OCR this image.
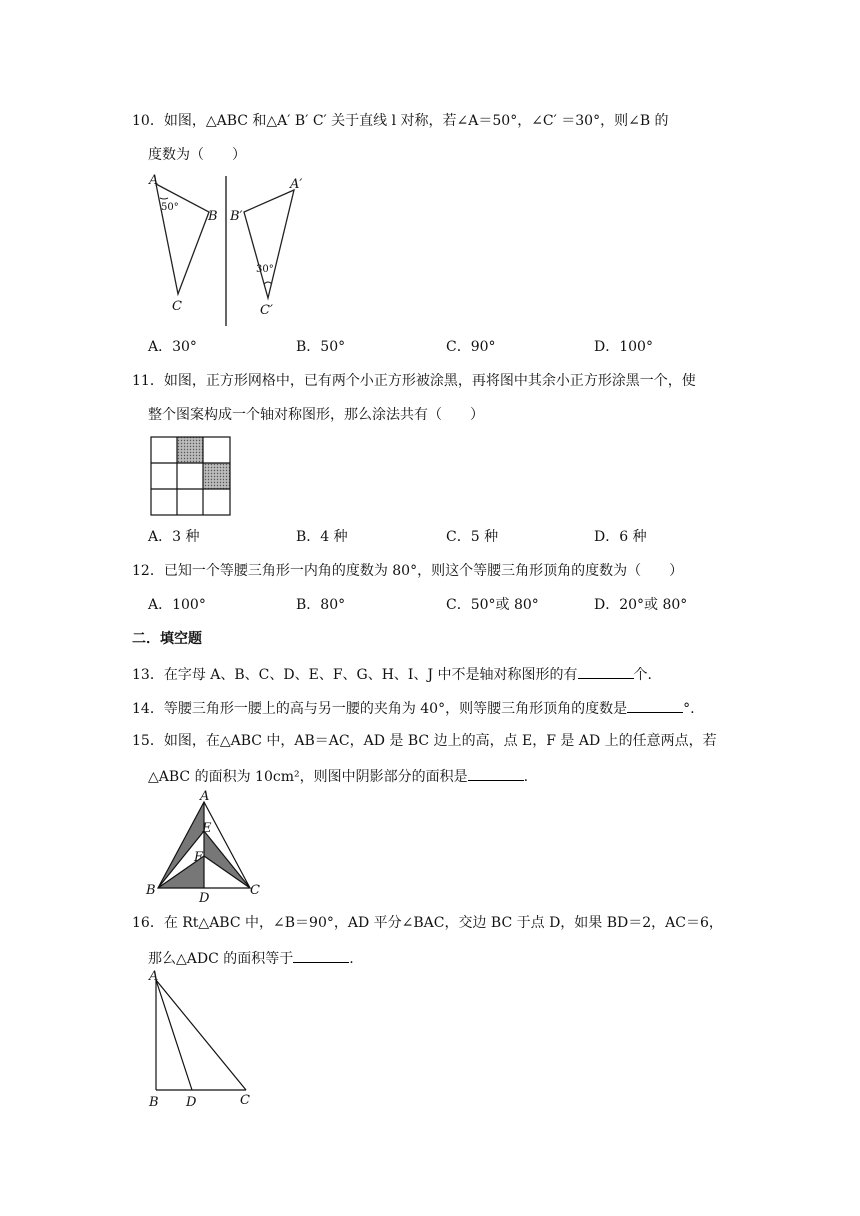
10．如图，△ABC 和△A′ B′ C′ 关于直线 l 对称，若∠A＝50°，∠C′ ＝30°，则∠B 的
度数为（　　）
A
B
C
A′
B′
C′
50°
30°
A．30°	B．50°	C．90°	D．100°
11．如图，正方形网格中，已有两个小正方形被涂黑，再将图中其余小正方形涂黑一个，使
整个图案构成一个轴对称图形，那么涂法共有（　　）
A．3 种	B．4 种	C．5 种	D．6 种
12．已知一个等腰三角形一内角的度数为 80°，则这个等腰三角形顶角的度数为（　　）
A．100°	B．80°	C．50°或 80°	D．20°或 80°
二．填空题
13．在字母 A、B、C、D、E、F、G、H、I、J 中不是轴对称图形的有	个.
14．等腰三角形一腰上的高与另一腰的夹角为 40°，则等腰三角形顶角的度数是	°.
15．如图，在△ABC 中，AB＝AC，AD 是 BC 边上的高，点 E，F 是 AD 上的任意两点，若
△ABC 的面积为 10cm²，则图中阴影部分的面积是	.
A
B	C
D
E
F
16．在 Rt△ABC 中，∠B＝90°，AD 平分∠BAC，交边 BC 于点 D，如果 BD＝2，AC＝6，
那么△ADC 的面积等于	.
A
B D	C
